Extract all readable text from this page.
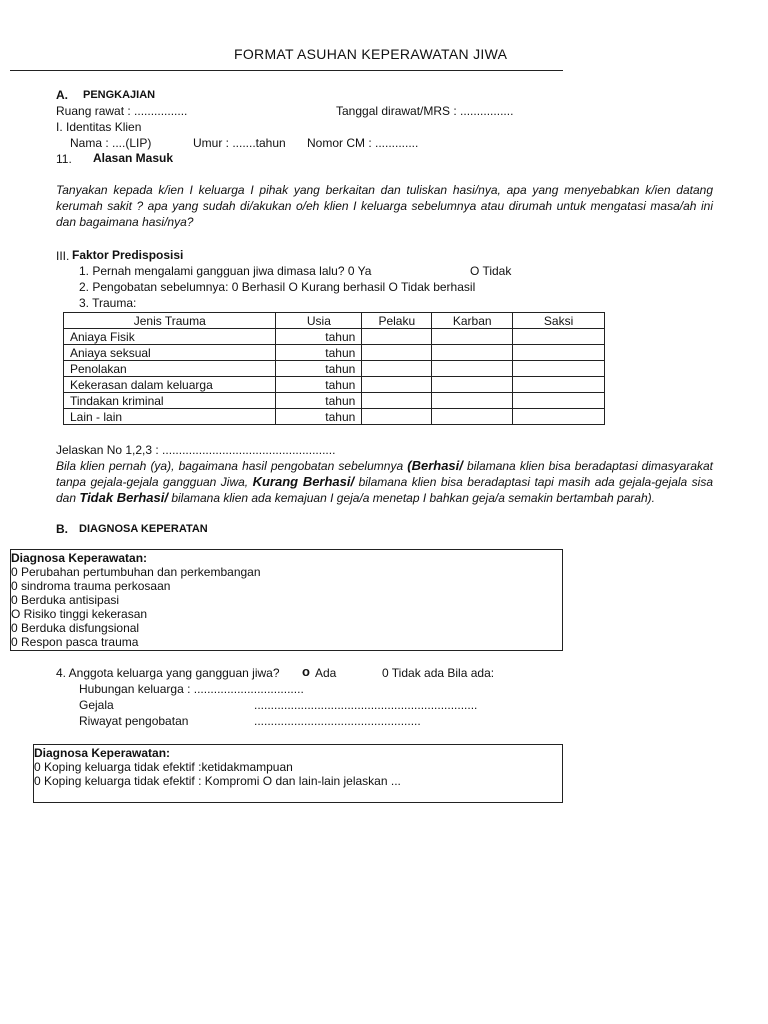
FORMAT ASUHAN KEPERAWATAN JIWA
A. PENGKAJIAN
Ruang rawat : ................	Tanggal dirawat/MRS : ................
I. Identitas Klien
Nama : ....(LIP)	Umur : .......tahun Nomor CM : .............
11. Alasan Masuk
Tanyakan kepada k/ien I keluarga I pihak yang berkaitan dan tuliskan hasi/nya, apa yang menyebabkan k/ien datang kerumah sakit ? apa yang sudah di/akukan o/eh klien I keluarga sebelumnya atau dirumah untuk mengatasi masa/ah ini dan bagaimana hasi/nya?
III. Faktor Predisposisi
1. Pernah mengalami gangguan jiwa dimasa lalu? 0 Ya	O Tidak
2. Pengobatan sebelumnya: 0 Berhasil O Kurang berhasil O Tidak berhasil
3. Trauma:
Jenis Trauma	Usia	Pelaku	Karban	Saksi
Aniaya Fisik	tahun			
Aniaya seksual	tahun			
Penolakan	tahun			
Kekerasan dalam keluarga	tahun			
Tindakan kriminal	tahun			
Lain - lain	tahun			
Jelaskan No 1,2,3 : ....................................................
Bila klien pernah (ya), bagaimana hasil pengobatan sebelumnya (Berhasi/ bilamana klien bisa beradaptasi dimasyarakat tanpa gejala-gejala gangguan Jiwa, Kurang Berhasi/ bilamana klien bisa beradaptasi tapi masih ada gejala-gejala sisa dan Tidak Berhasi/ bilamana klien ada kemajuan I geja/a menetap I bahkan geja/a semakin bertambah parah).
B. DIAGNOSA KEPERATAN
Diagnosa Keperawatan:
0 Perubahan pertumbuhan dan perkembangan
0 sindroma trauma perkosaan
0 Berduka antisipasi
O Risiko tinggi kekerasan
0 Berduka disfungsional
0 Respon pasca trauma
4. Anggota keluarga yang gangguan jiwa? o Ada	0 Tidak ada Bila ada:
Hubungan keluarga : .................................
Gejala	...................................................................
Riwayat pengobatan	..................................................
Diagnosa Keperawatan:
0 Koping keluarga tidak efektif :ketidakmampuan
0 Koping keluarga tidak efektif : Kompromi O dan lain-lain jelaskan ...
